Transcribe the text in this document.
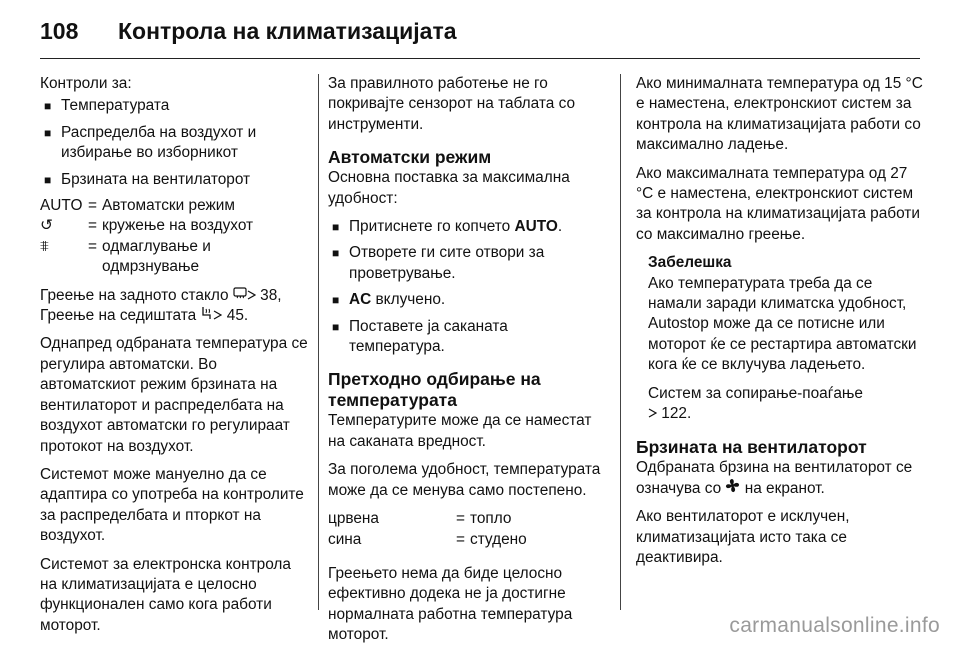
108	Контрола на климатизацијата

Контроли за:

■ Температурата
■ Распределба на воздухот и избирање во изборникот
■ Брзината на вентилаторот
AUTO = Автоматски режим
↺	= кружење на воздухот
⩨	= одмаглување и одмрзнување

Греење на задното стакло  38,
Греење на седиштата  45.

Однапред одбраната температура се регулира автоматски. Во автоматскиот режим брзината на вентилаторот и распределбата на воздухот автоматски го регулираат протокот на воздухот.

Системот може мануелно да се адаптира со употреба на контролите за распределбата и пторкот на воздухот.

Системот за електронска контрола на климатизацијата е целосно функционален само кога работи моторот.

За правилното работење не го покривајте сензорот на таблата со инструменти.

Автоматски режим

Основна поставка за максимална удобност:

■ Притиснете го копчето AUTO.
■ Отворете ги сите отвори за проветрување.
■ AC вклучено.
■ Поставете ја саканата температура.
Претходно одбирање на температурата

Температурите може да се наместат на саканата вредност.

За поголема удобност, температурата може да се менува само постепено.

црвена	= топло
сина	= студено

Греењето нема да биде целосно ефективно додека не ја достигне нормалната работна температура моторот.

Ако минималната температура од 15 °C е наместена, електронскиот систем за контрола на климатизацијата работи со максимално ладење.

Ако максималната температура од 27 °C е наместена, електронскиот систем за контрола на климатизацијата работи со максимално греење.

Забелешка

Ако температурата треба да се намали заради климатска удобност, Autostop може да се потисне или моторот ќе се рестартира автоматски кога ќе се вклучува ладењето.

Систем за сопирање-поаѓање
122.

Брзината на вентилаторот

Одбраната брзина на вентилаторот се означува со  на екранот.

Ако вентилаторот е исклучен, климатизацијата исто така се деактивира.

carmanualsonline.info
